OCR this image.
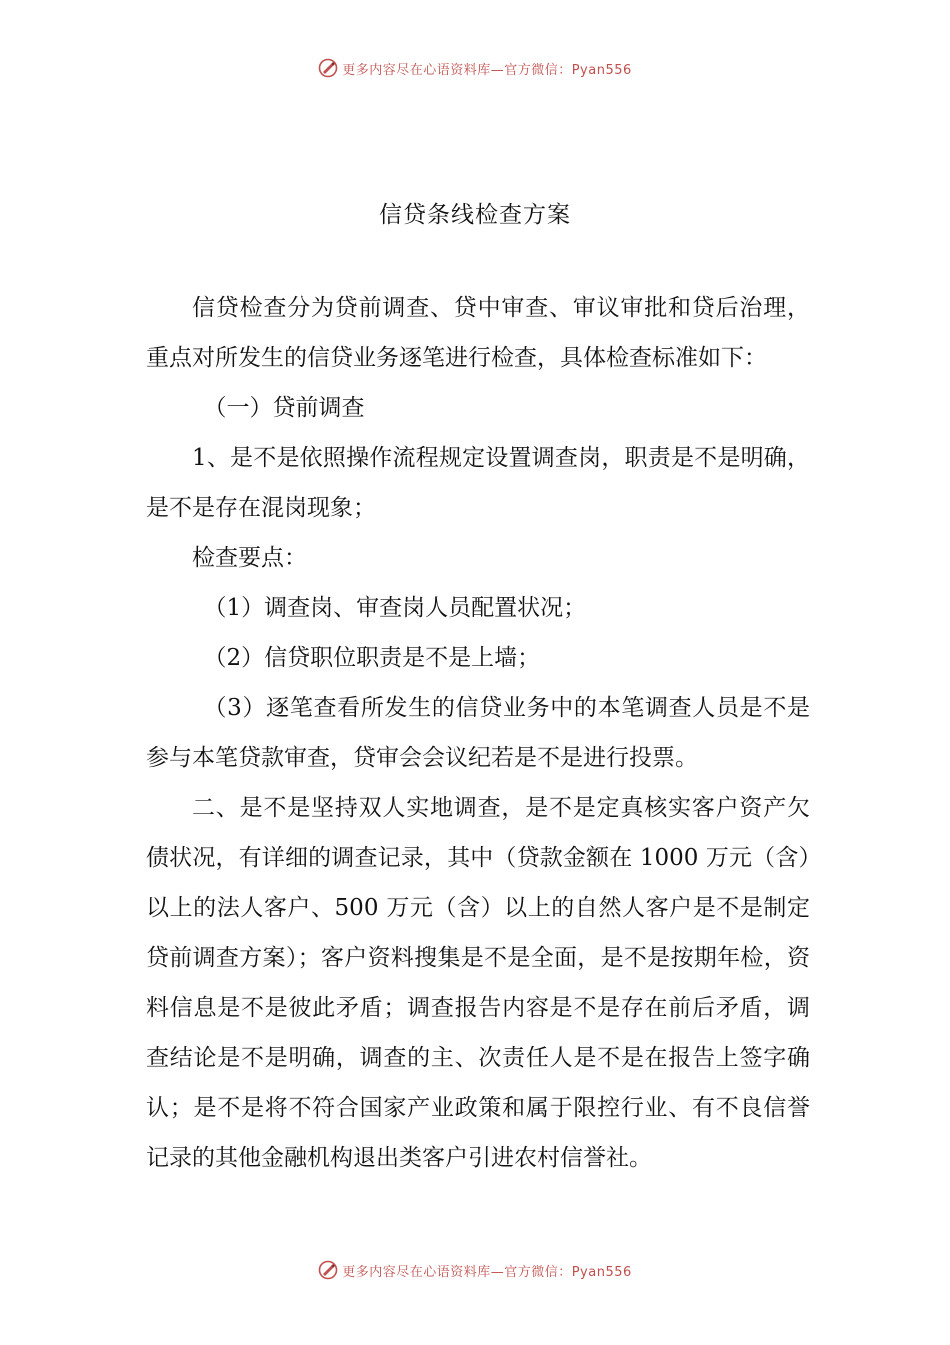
更多内容尽在心语资料库—官方微信：Pyan556
信贷条线检查方案

信贷检查分为贷前调查、贷中审查、审议审批和贷后治理，重点对所发生的信贷业务逐笔进行检查，具体检查标准如下：

（一）贷前调查

1、是不是依照操作流程规定设置调查岗，职责是不是明确，是不是存在混岗现象；

检查要点：

（1）调查岗、审查岗人员配置状况；

（2）信贷职位职责是不是上墙；

（3）逐笔查看所发生的信贷业务中的本笔调查人员是不是参与本笔贷款审查，贷审会会议纪若是不是进行投票。

二、是不是坚持双人实地调查，是不是定真核实客户资产欠债状况，有详细的调查记录，其中（贷款金额在 1000 万元（含）以上的法人客户、500 万元（含）以上的自然人客户是不是制定贷前调查方案）；客户资料搜集是不是全面，是不是按期年检，资料信息是不是彼此矛盾；调查报告内容是不是存在前后矛盾，调查结论是不是明确，调查的主、次责任人是不是在报告上签字确认；是不是将不符合国家产业政策和属于限控行业、有不良信誉记录的其他金融机构退出类客户引进农村信誉社。

更多内容尽在心语资料库—官方微信：Pyan556
